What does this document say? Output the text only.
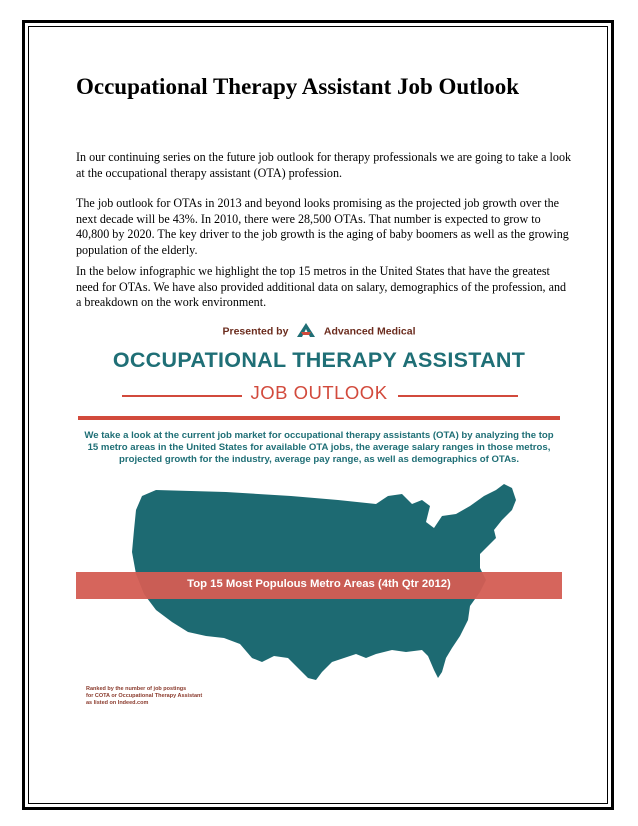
Occupational Therapy Assistant Job Outlook

In our continuing series on the future job outlook for therapy professionals we are going to take a look at the occupational therapy assistant (OTA) profession.

The job outlook for OTAs in 2013 and beyond looks promising as the projected job growth over the next decade will be 43%. In 2010, there were 28,500 OTAs. That number is expected to grow to 40,800 by 2020. The key driver to the job growth is the aging of baby boomers as well as the growing population of the elderly.

In the below infographic we highlight the top 15 metros in the United States that have the greatest need for OTAs. We have also provided additional data on salary, demographics of the profession, and a breakdown on the work environment.

Presented by	Advanced Medical
OCCUPATIONAL THERAPY ASSISTANT
JOB OUTLOOK

We take a look at the current job market for occupational therapy assistants (OTA) by analyzing the top 15 metro areas in the United States for available OTA jobs, the average salary ranges in those metros, projected growth for the industry, average pay range, as well as demographics of OTAs.

Top 15 Most Populous Metro Areas (4th Qtr 2012)

Ranked by the number of job postings
for COTA or Occupational Therapy Assistant
as listed on Indeed.com
